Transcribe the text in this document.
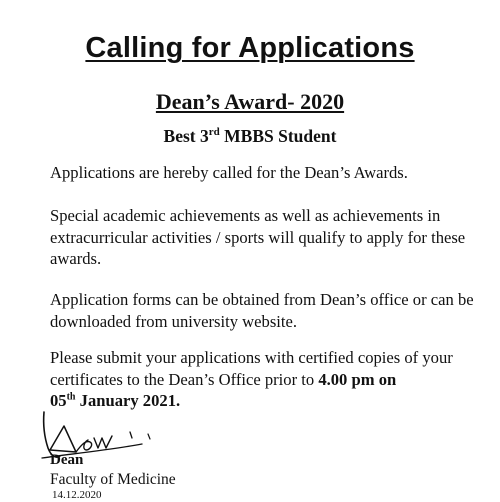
Calling for Applications
Dean’s Award- 2020

Best 3rd MBBS Student

Applications are hereby called for the Dean’s Awards.

Special academic achievements as well as achievements in extracurricular activities / sports will qualify to apply for these awards.

Application forms can be obtained from Dean’s office or can be downloaded from university website.

Please submit your applications with certified copies of your certificates to the Dean’s Office prior to 4.00 pm on
05th January 2021.

Dean

Faculty of Medicine

14.12.2020
